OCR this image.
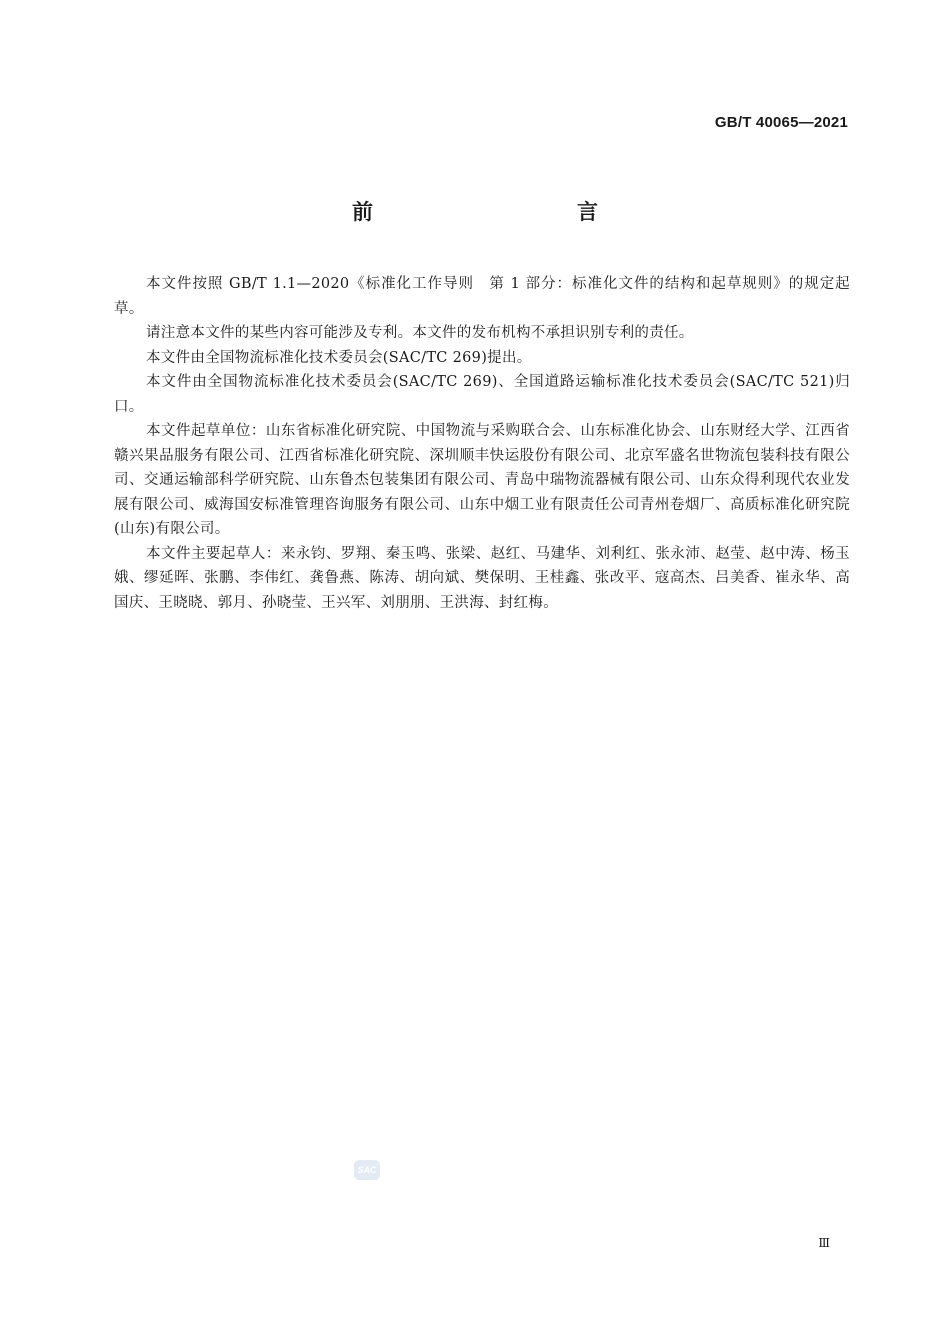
GB/T 40065—2021
前　　言

本文件按照 GB/T 1.1—2020《标准化工作导则　第 1 部分：标准化文件的结构和起草规则》的规定起草。

请注意本文件的某些内容可能涉及专利。本文件的发布机构不承担识别专利的责任。

本文件由全国物流标准化技术委员会(SAC/TC 269)提出。

本文件由全国物流标准化技术委员会(SAC/TC 269)、全国道路运输标准化技术委员会(SAC/TC 521)归口。

本文件起草单位：山东省标准化研究院、中国物流与采购联合会、山东标准化协会、山东财经大学、江西省赣兴果品服务有限公司、江西省标准化研究院、深圳顺丰快运股份有限公司、北京军盛名世物流包装科技有限公司、交通运输部科学研究院、山东鲁杰包装集团有限公司、青岛中瑞物流器械有限公司、山东众得利现代农业发展有限公司、威海国安标准管理咨询服务有限公司、山东中烟工业有限责任公司青州卷烟厂、高质标准化研究院(山东)有限公司。

本文件主要起草人：来永钧、罗翔、秦玉鸣、张梁、赵红、马建华、刘利红、张永沛、赵莹、赵中涛、杨玉娥、缪延晖、张鹏、李伟红、龚鲁燕、陈涛、胡向斌、樊保明、王桂鑫、张改平、寇高杰、吕美香、崔永华、高国庆、王晓晓、郭月、孙晓莹、王兴军、刘朋朋、王洪海、封红梅。

SAC
Ⅲ
